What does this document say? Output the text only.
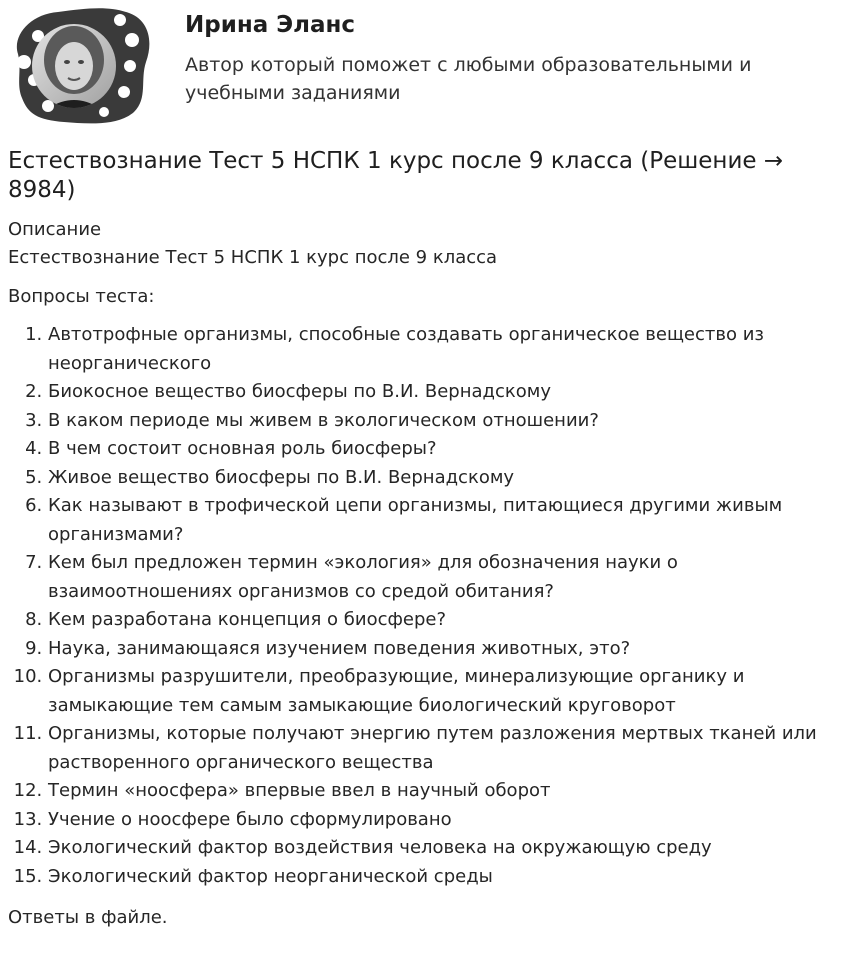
Ирина Эланс
Автор который поможет с любыми образовательными и учебными заданиями
Естествознание Тест 5 НСПК 1 курс после 9 класса (Решение → 8984)
Описание
Естествознание Тест 5 НСПК 1 курс после 9 класса
Вопросы теста:
1. Автотрофные организмы, способные создавать органическое вещество из неорганического
2. Биокосное вещество биосферы по В.И. Вернадскому
3. В каком периоде мы живем в экологическом отношении?
4. В чем состоит основная роль биосферы?
5. Живое вещество биосферы по В.И. Вернадскому
6. Как называют в трофической цепи организмы, питающиеся другими живым организмами?
7. Кем был предложен термин «экология» для обозначения науки о взаимоотношениях организмов со средой обитания?
8. Кем разработана концепция о биосфере?
9. Наука, занимающаяся изучением поведения животных, это?
10. Организмы разрушители, преобразующие, минерализующие органику и замыкающие тем самым замыкающие биологический круговорот
11. Организмы, которые получают энергию путем разложения мертвых тканей или растворенного органического вещества
12. Термин «ноосфера» впервые ввел в научный оборот
13. Учение о ноосфере было сформулировано
14. Экологический фактор воздействия человека на окружающую среду
15. Экологический фактор неорганической среды
Ответы в файле.
